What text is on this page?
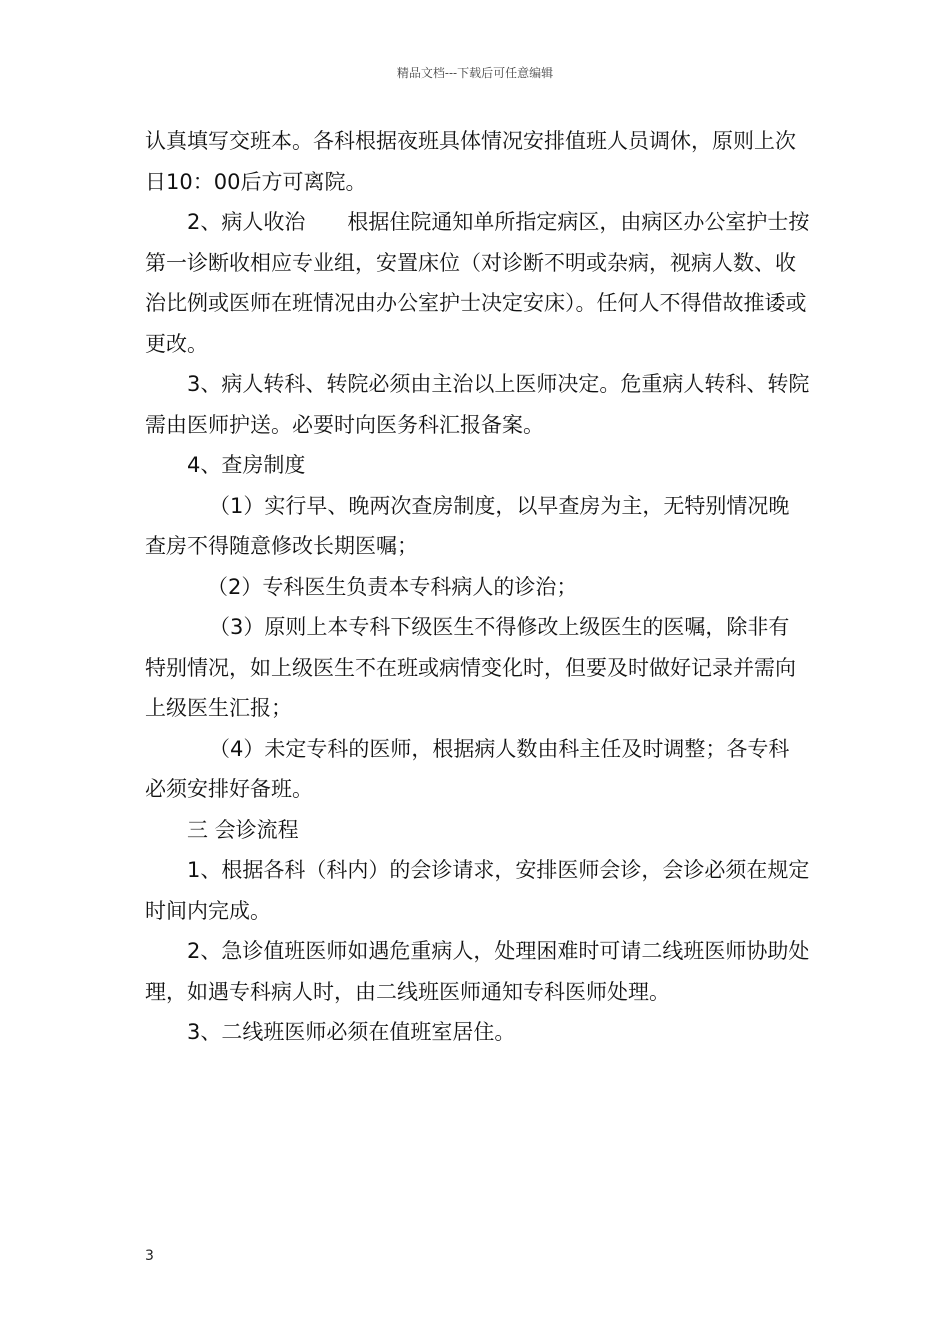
精品文档---下载后可任意编辑

认真填写交班本。各科根据夜班具体情况安排值班人员调休，原则上次日10：00后方可离院。

2、病人收治　　根据住院通知单所指定病区，由病区办公室护士按第一诊断收相应专业组，安置床位（对诊断不明或杂病，视病人数、收治比例或医师在班情况由办公室护士决定安床）。任何人不得借故推诿或更改。

3、病人转科、转院必须由主治以上医师决定。危重病人转科、转院需由医师护送。必要时向医务科汇报备案。

4、查房制度

（1）实行早、晚两次查房制度，以早查房为主，无特别情况晚查房不得随意修改长期医嘱；

（2）专科医生负责本专科病人的诊治；

（3）原则上本专科下级医生不得修改上级医生的医嘱，除非有特别情况，如上级医生不在班或病情变化时，但要及时做好记录并需向上级医生汇报；

（4）未定专科的医师，根据病人数由科主任及时调整；各专科必须安排好备班。

三 会诊流程

1、根据各科（科内）的会诊请求，安排医师会诊，会诊必须在规定时间内完成。

2、急诊值班医师如遇危重病人，处理困难时可请二线班医师协助处理，如遇专科病人时，由二线班医师通知专科医师处理。

3、二线班医师必须在值班室居住。

3
